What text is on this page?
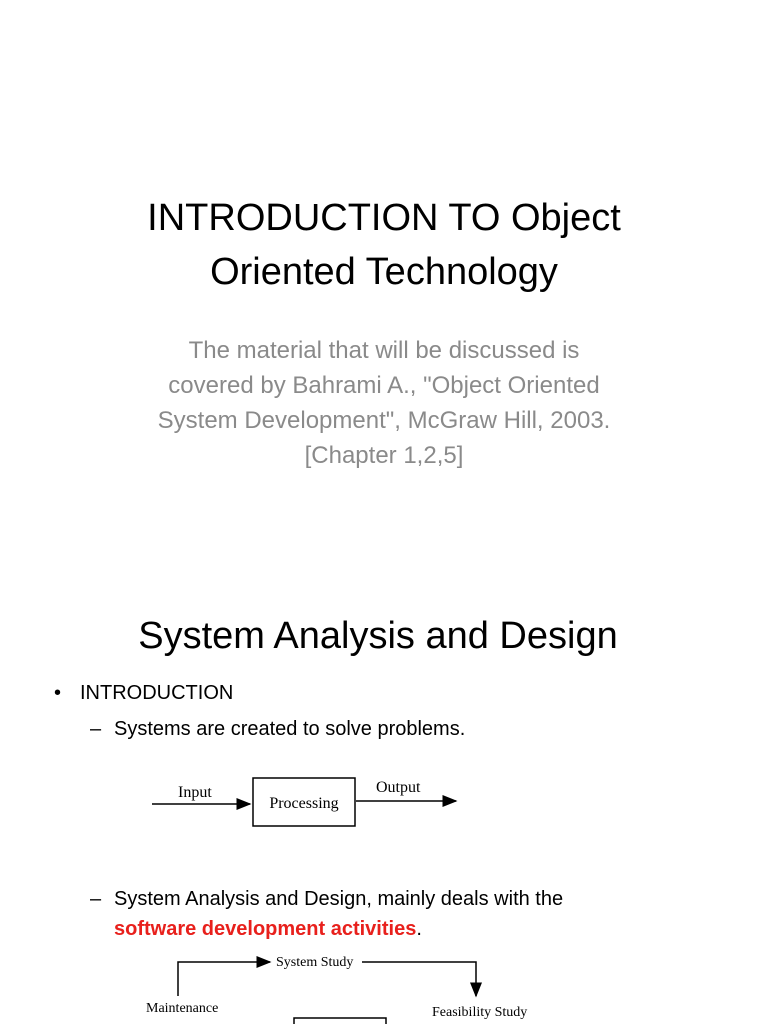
INTRODUCTION TO Object
Oriented Technology
The material that will be discussed is
covered by Bahrami A., "Object Oriented
System Development", McGraw Hill, 2003.
[Chapter 1,2,5]
System Analysis and Design
• INTRODUCTION
– Systems are created to solve problems.
Input
Processing
Output
– System Analysis and Design, mainly deals with the
software development activities.
System Study
Maintenance	Feasibility Study
